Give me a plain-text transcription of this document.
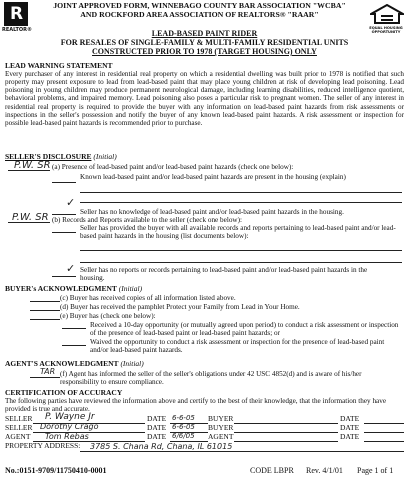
R
REALTOR®
JOINT APPROVED FORM, WINNEBAGO COUNTY BAR ASSOCIATION "WCBA"
AND ROCKFORD AREA ASSOCIATION OF REALTORS® "RAAR"
EQUAL HOUSING OPPORTUNITY
LEAD-BASED PAINT RIDER
FOR RESALES OF SINGLE-FAMILY & MULTI-FAMILY RESIDENTIAL UNITS
CONSTRUCTED PRIOR TO 1978 (TARGET HOUSING) ONLY
LEAD WARNING STATEMENT
Every purchaser of any interest in residential real property on which a residential dwelling was built prior to 1978 is notified that such property may present exposure to lead from lead-based paint that may place young children at risk of developing lead poisoning. Lead poisoning in young children may produce permanent neurological damage, including learning disabilities, reduced intelligence quotient, behavioral problems, and impaired memory. Lead poisoning also poses a particular risk to pregnant women. The seller of any interest in residential real property is required to provide the buyer with any information on lead-based paint hazards from risk assessments or inspections in the seller's possession and notify the buyer of any known lead-based paint hazards. A risk assessment or inspection for possible lead-based paint hazards is recommended prior to purchase.
SELLER'S DISCLOSURE (Initial)
P.W. SR (a) Presence of lead-based paint and/or lead-based paint hazards (check one below):
Known lead-based paint and/or lead-based paint hazards are present in the housing (explain)
✓
Seller has no knowledge of lead-based paint and/or lead-based paint hazards in the housing.
P.W. SR (b) Records and Reports available to the seller (check one below):
Seller has provided the buyer with all available records and reports pertaining to lead-based paint and/or lead-based paint hazards in the housing (list documents below):
✓ Seller has no reports or records pertaining to lead-based paint and/or lead-based paint hazards in the housing.
BUYER's ACKNOWLEDGMENT (Initial)
(c) Buyer has received copies of all information listed above.
(d) Buyer has received the pamphlet Protect your Family from Lead in Your Home.
(e) Buyer has (check one below):
Received a 10-day opportunity (or mutually agreed upon period) to conduct a risk assessment or inspection of the presence of lead-based paint or lead-based paint hazards; or
Waived the opportunity to conduct a risk assessment or inspection for the presence of lead-based paint and/or lead-based paint hazards.
AGENT'S ACKNOWLEDGMENT (Initial)
TAR (f) Agent has informed the seller of the seller's obligations under 42 USC 4852(d) and is aware of his/her responsibility to ensure compliance.
CERTIFICATION OF ACCURACY
The following parties have reviewed the information above and certify to the best of their knowledge, that the information they have provided is true and accurate.
SELLER P. Wayne Jr	DATE 6-6-05 BUYER	DATE
SELLER Dorothy Crago	DATE 6-6-05 BUYER	DATE
AGENT Tom Rebas	DATE 6/6/05 AGENT	DATE
PROPERTY ADDRESS: 3785 S. Chana Rd, Chana, IL 61015
No.:0151-9709/11750410-0001	CODE LBPR Rev. 4/1/01 Page 1 of 1
